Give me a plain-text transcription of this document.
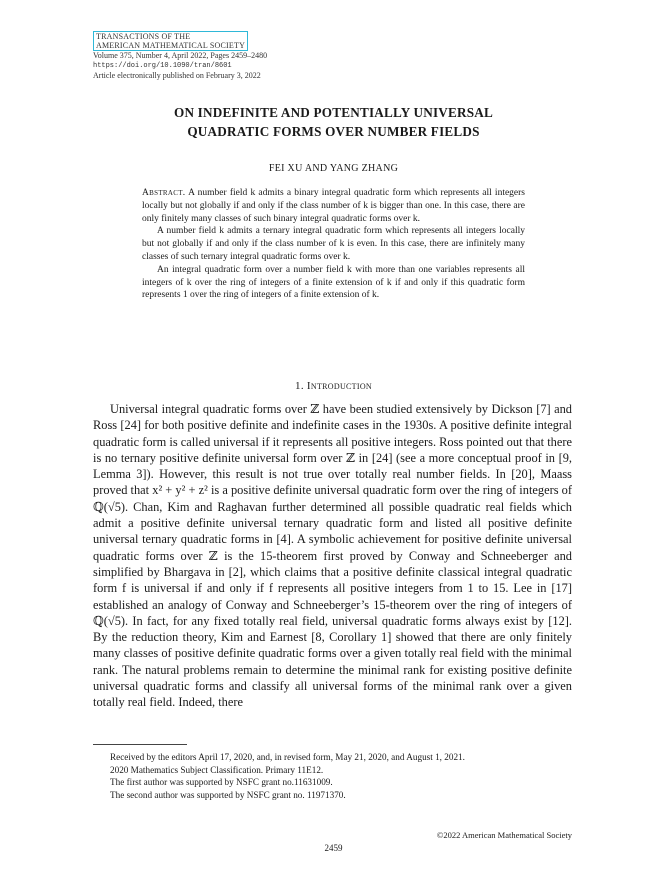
TRANSACTIONS OF THE
AMERICAN MATHEMATICAL SOCIETY
Volume 375, Number 4, April 2022, Pages 2459–2480
https://doi.org/10.1090/tran/8601
Article electronically published on February 3, 2022
ON INDEFINITE AND POTENTIALLY UNIVERSAL
QUADRATIC FORMS OVER NUMBER FIELDS
FEI XU AND YANG ZHANG

Abstract. A number field k admits a binary integral quadratic form which represents all integers locally but not globally if and only if the class number of k is bigger than one. In this case, there are only finitely many classes of such binary integral quadratic forms over k.

A number field k admits a ternary integral quadratic form which represents all integers locally but not globally if and only if the class number of k is even. In this case, there are infinitely many classes of such ternary integral quadratic forms over k.

An integral quadratic form over a number field k with more than one variables represents all integers of k over the ring of integers of a finite extension of k if and only if this quadratic form represents 1 over the ring of integers of a finite extension of k.

1. Introduction

Universal integral quadratic forms over ℤ have been studied extensively by Dickson [7] and Ross [24] for both positive definite and indefinite cases in the 1930s. A positive definite integral quadratic form is called universal if it represents all positive integers. Ross pointed out that there is no ternary positive definite universal form over ℤ in [24] (see a more conceptual proof in [9, Lemma 3]). However, this result is not true over totally real number fields. In [20], Maass proved that x² + y² + z² is a positive definite universal quadratic form over the ring of integers of ℚ(√5). Chan, Kim and Raghavan further determined all possible quadratic real fields which admit a positive definite universal ternary quadratic form and listed all positive definite universal ternary quadratic forms in [4]. A symbolic achievement for positive definite universal quadratic forms over ℤ is the 15-theorem first proved by Conway and Schneeberger and simplified by Bhargava in [2], which claims that a positive definite classical integral quadratic form f is universal if and only if f represents all positive integers from 1 to 15. Lee in [17] established an analogy of Conway and Schneeberger’s 15-theorem over the ring of integers of ℚ(√5). In fact, for any fixed totally real field, universal quadratic forms always exist by [12]. By the reduction theory, Kim and Earnest [8, Corollary 1] showed that there are only finitely many classes of positive definite quadratic forms over a given totally real field with the minimal rank. The natural problems remain to determine the minimal rank for existing positive definite universal quadratic forms and classify all universal forms of the minimal rank over a given totally real field. Indeed, there

Received by the editors April 17, 2020, and, in revised form, May 21, 2020, and August 1, 2021.

2020 Mathematics Subject Classification. Primary 11E12.

The first author was supported by NSFC grant no.11631009.

The second author was supported by NSFC grant no. 11971370.

©2022 American Mathematical Society
2459
